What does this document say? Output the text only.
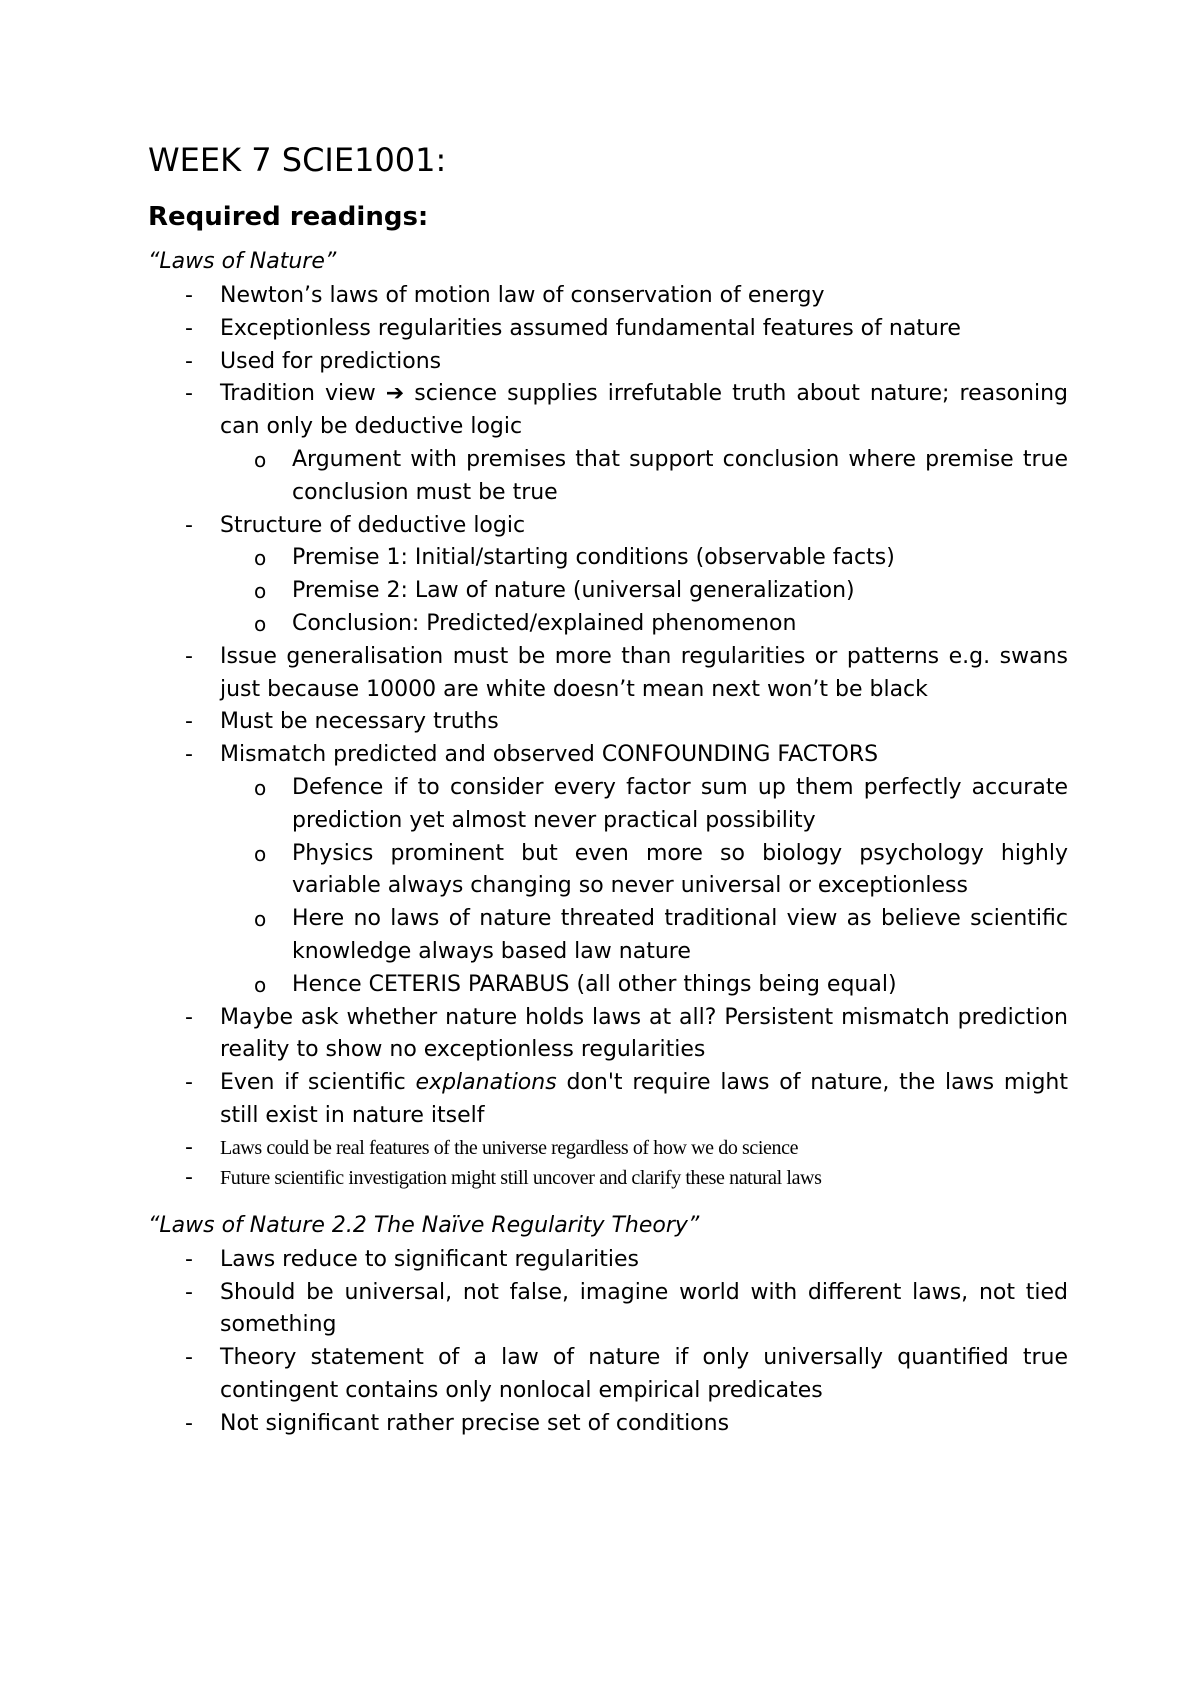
WEEK 7 SCIE1001:
Required readings:
“Laws of Nature”
- Newton’s laws of motion law of conservation of energy
- Exceptionless regularities assumed fundamental features of nature
- Used for predictions
- Tradition view ➔ science supplies irrefutable truth about nature; reasoning can only be deductive logic
o Argument with premises that support conclusion where premise true conclusion must be true
- Structure of deductive logic
o Premise 1: Initial/starting conditions (observable facts)
o Premise 2: Law of nature (universal generalization)
o Conclusion: Predicted/explained phenomenon
- Issue generalisation must be more than regularities or patterns e.g. swans just because 10000 are white doesn’t mean next won’t be black
- Must be necessary truths
- Mismatch predicted and observed CONFOUNDING FACTORS
o Defence if to consider every factor sum up them perfectly accurate prediction yet almost never practical possibility
o Physics prominent but even more so biology psychology highly variable always changing so never universal or exceptionless
o Here no laws of nature threated traditional view as believe scientific knowledge always based law nature
o Hence CETERIS PARABUS (all other things being equal)
- Maybe ask whether nature holds laws at all? Persistent mismatch prediction reality to show no exceptionless regularities
- Even if scientific explanations don't require laws of nature, the laws might still exist in nature itself
- Laws could be real features of the universe regardless of how we do science
- Future scientific investigation might still uncover and clarify these natural laws
“Laws of Nature 2.2 The Naïve Regularity Theory”
- Laws reduce to significant regularities
- Should be universal, not false, imagine world with different laws, not tied something
- Theory statement of a law of nature if only universally quantified true contingent contains only nonlocal empirical predicates
- Not significant rather precise set of conditions
